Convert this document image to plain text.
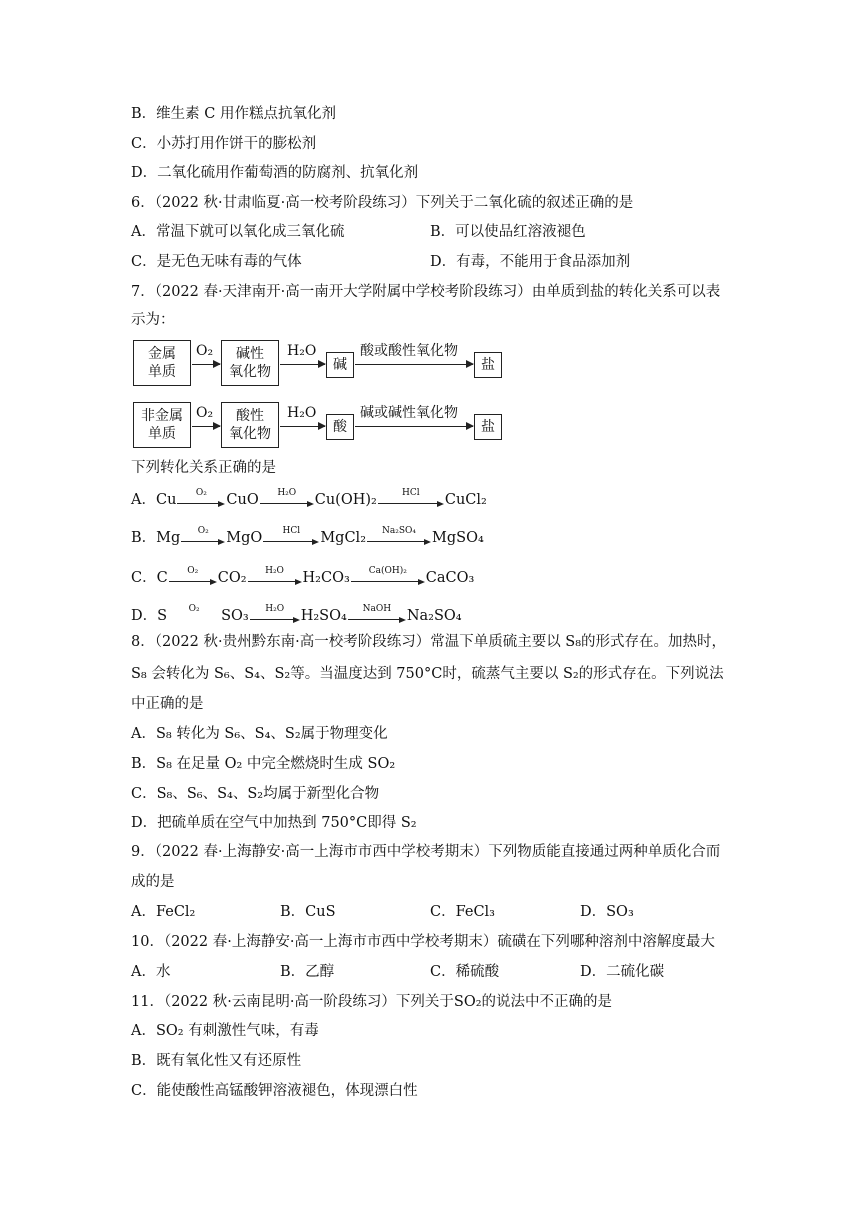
B．维生素 C 用作糕点抗氧化剂
C．小苏打用作饼干的膨松剂
D．二氧化硫用作葡萄酒的防腐剂、抗氧化剂
6．（2022 秋·甘肃临夏·高一校考阶段练习）下列关于二氧化硫的叙述正确的是
A．常温下就可以氧化成三氧化硫	B．可以使品红溶液褪色
C．是无色无味有毒的气体	D．有毒，不能用于食品添加剂
7．（2022 春·天津南开·高一南开大学附属中学校考阶段练习）由单质到盐的转化关系可以表
示为：
金属
单质
O₂	碱性
氧化物
H₂O
碱
酸或酸性氧化物
盐
非金属
单质
O₂	酸性
氧化物
H₂O
酸
碱或碱性氧化物
盐
下列转化关系正确的是
A． Cu	O₂	CuO	H₂O	Cu(OH)₂	HCl	CuCl₂
B． Mg	O₂	MgO	HCl	MgCl₂	Na₂SO₄	MgSO₄
C． C	O₂	CO₂	H₂O	H₂CO₃	Ca(OH)₂	CaCO₃
D． S	O₂	SO₃	H₂O	H₂SO₄	NaOH	Na₂SO₄
8．（2022 秋·贵州黔东南·高一校考阶段练习）常温下单质硫主要以 S₈的形式存在。加热时，
S₈ 会转化为 S₆、S₄、S₂等。当温度达到 750°C时，硫蒸气主要以 S₂的形式存在。下列说法
中正确的是
A．S₈ 转化为 S₆、S₄、S₂属于物理变化
B．S₈ 在足量 O₂ 中完全燃烧时生成 SO₂
C．S₈、S₆、S₄、S₂均属于新型化合物
D．把硫单质在空气中加热到 750°C即得 S₂
9．（2022 春·上海静安·高一上海市市西中学校考期末）下列物质能直接通过两种单质化合而
成的是
A．FeCl₂	B．CuS	C．FeCl₃	D．SO₃
10．（2022 春·上海静安·高一上海市市西中学校考期末）硫磺在下列哪种溶剂中溶解度最大
A．水	B．乙醇	C．稀硫酸	D．二硫化碳
11．（2022 秋·云南昆明·高一阶段练习）下列关于SO₂的说法中不正确的是
A．SO₂ 有刺激性气味，有毒
B．既有氧化性又有还原性
C．能使酸性高锰酸钾溶液褪色，体现漂白性
